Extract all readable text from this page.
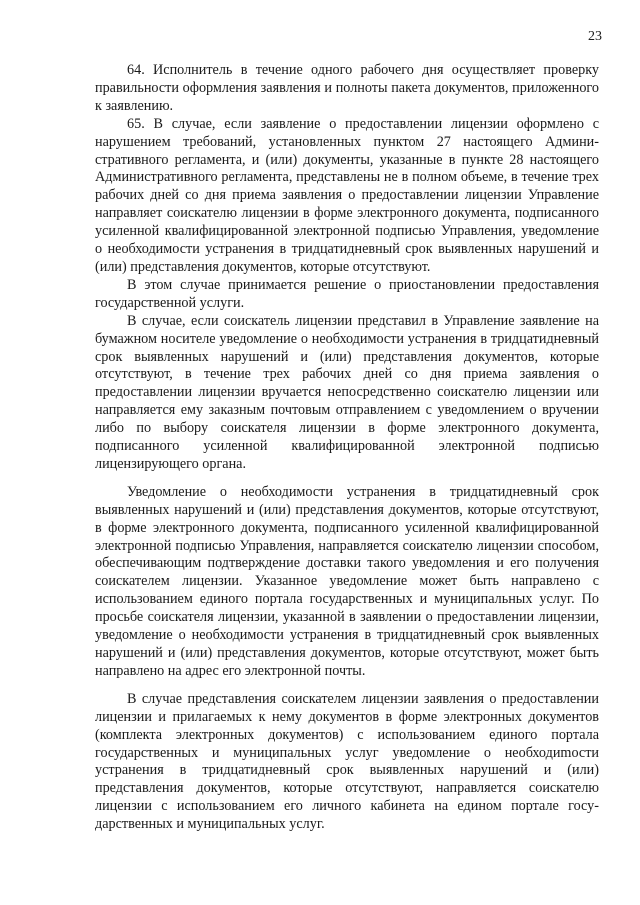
23

64. Исполнитель в течение одного рабочего дня осуществляет проверку правильности оформления заявления и полноты пакета документов, приложенного к заявлению.

65. В случае, если заявление о предоставлении лицензии оформлено с нарушением требований, установленных пунктом 27 настоящего Административного регламента, и (или) документы, указанные в пункте 28 настоящего Административного регламента, представлены не в полном объеме, в течение трех рабочих дней со дня приема заявления о предоставлении лицензии Управление направляет соискателю лицензии в форме электронного документа, подписанного усиленной квалифицированной электронной подписью Управления, уведомление о необходимости устранения в тридцатидневный срок выявленных нарушений и (или) представления документов, которые отсутствуют.

В этом случае принимается решение о приостановлении предоставления государственной услуги.

В случае, если соискатель лицензии представил в Управление заявление на бумажном носителе уведомление о необходимости устранения в тридцатидневный срок выявленных нарушений и (или) представления документов, которые отсутствуют, в течение трех рабочих дней со дня приема заявления о предоставлении лицензии вручается непосредственно соискателю лицензии или направляется ему заказным почтовым отправлением с уведомлением о вручении либо по выбору соискателя лицензии в форме электронного документа, подписанного усиленной квалифицированной электронной подписью лицензирующего органа.

Уведомление о необходимости устранения в тридцатидневный срок выявленных нарушений и (или) представления документов, которые отсутствуют, в форме электронного документа, подписанного усиленной квалифицированной электронной подписью Управления, направляется соискателю лицензии способом, обеспечивающим подтверждение доставки такого уведомления и его получения соискателем лицензии. Указанное уведомление может быть направлено с использованием единого портала государственных и муниципальных услуг. По просьбе соискателя лицензии, указанной в заявлении о предоставлении лицензии, уведомление о необходимости устранения в тридцатидневный срок выявленных нарушений и (или) представления документов, которые отсутствуют, может быть направлено на адрес его электронной почты.

В случае представления соискателем лицензии заявления о предоставлении лицензии и прилагаемых к нему документов в форме электронных документов (комплекта электронных документов) с использованием единого портала государственных и муниципальных услуг уведомление о необходиmости устранения в тридцатидневный срок выявленных нарушений и (или) представления документов, которые отсутствуют, направляется соискателю лицензии с использованием его личного кабинета на едином портале государственных и муниципальных услуг.
